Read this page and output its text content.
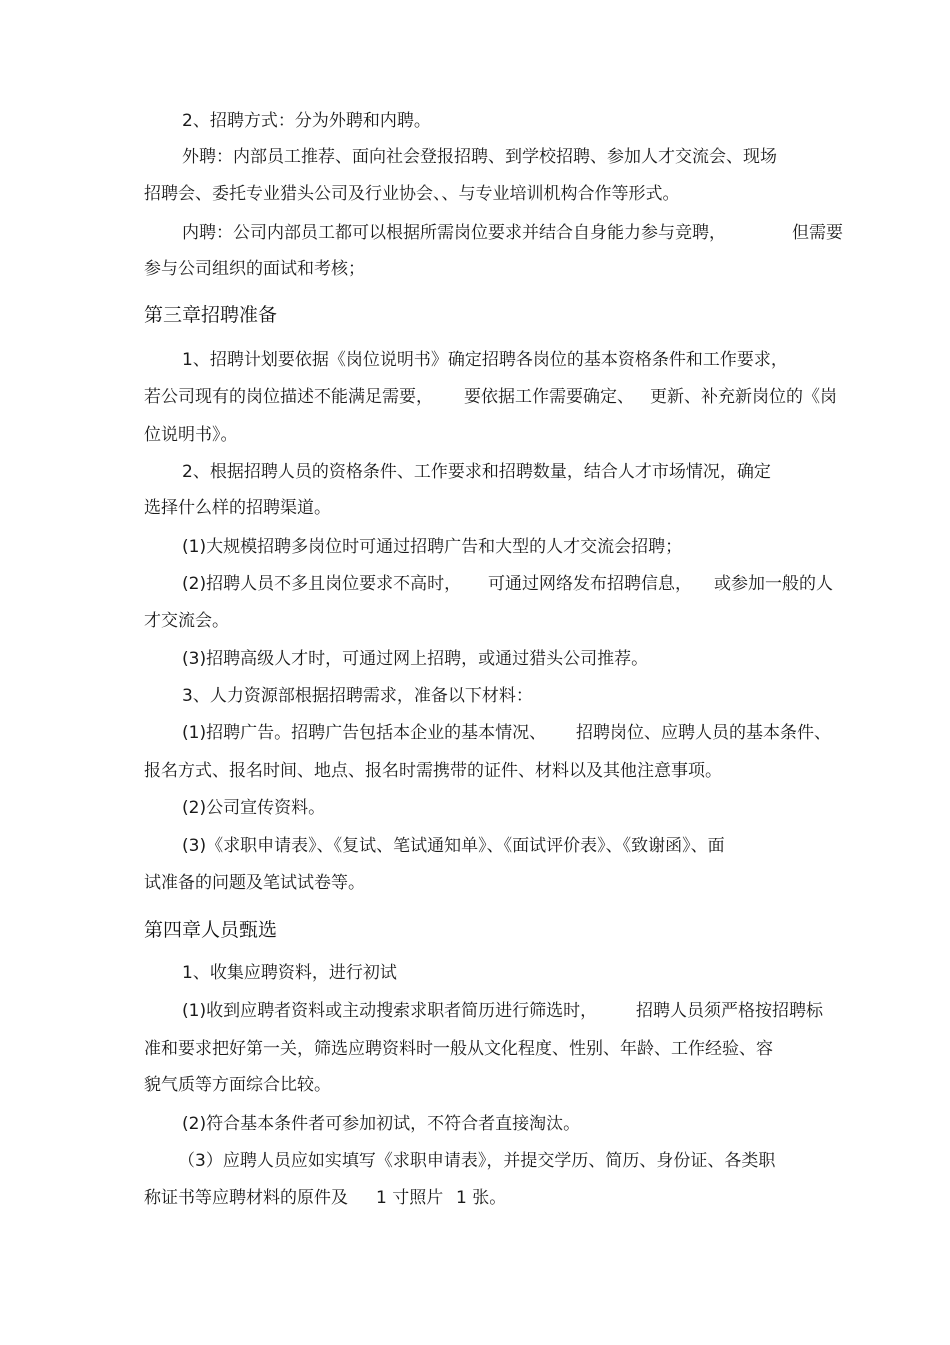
2、招聘方式：分为外聘和内聘。
外聘：内部员工推荐、面向社会登报招聘、到学校招聘、参加人才交流会、现场
招聘会、委托专业猎头公司及行业协会、、与专业培训机构合作等形式。
内聘：公司内部员工都可以根据所需岗位要求并结合自身能力参与竞聘，	但需要
参与公司组织的面试和考核；
第三章招聘准备
1、招聘计划要依据《岗位说明书》确定招聘各岗位的基本资格条件和工作要求，
若公司现有的岗位描述不能满足需要， 要依据工作需要确定、 更新、补充新岗位的《岗
位说明书》。
2、根据招聘人员的资格条件、工作要求和招聘数量，结合人才市场情况，确定
选择什么样的招聘渠道。
(1)大规模招聘多岗位时可通过招聘广告和大型的人才交流会招聘；
(2)招聘人员不多且岗位要求不高时， 可通过网络发布招聘信息， 或参加一般的人
才交流会。
(3)招聘高级人才时，可通过网上招聘，或通过猎头公司推荐。
3、人力资源部根据招聘需求，准备以下材料：
(1)招聘广告。招聘广告包括本企业的基本情况、 招聘岗位、应聘人员的基本条件、
报名方式、报名时间、地点、报名时需携带的证件、材料以及其他注意事项。
(2)公司宣传资料。
(3)《求职申请表》、《复试、笔试通知单》、《面试评价表》、《致谢函》、面
试准备的问题及笔试试卷等。
第四章人员甄选
1、收集应聘资料，进行初试
(1)收到应聘者资料或主动搜索求职者简历进行筛选时， 招聘人员须严格按招聘标
准和要求把好第一关，筛选应聘资料时一般从文化程度、性别、年龄、工作经验、容
貌气质等方面综合比较。
(2)符合基本条件者可参加初试，不符合者直接淘汰。
（3）应聘人员应如实填写《求职申请表》，并提交学历、简历、身份证、各类职
称证书等应聘材料的原件及 1 寸照片 1 张。
